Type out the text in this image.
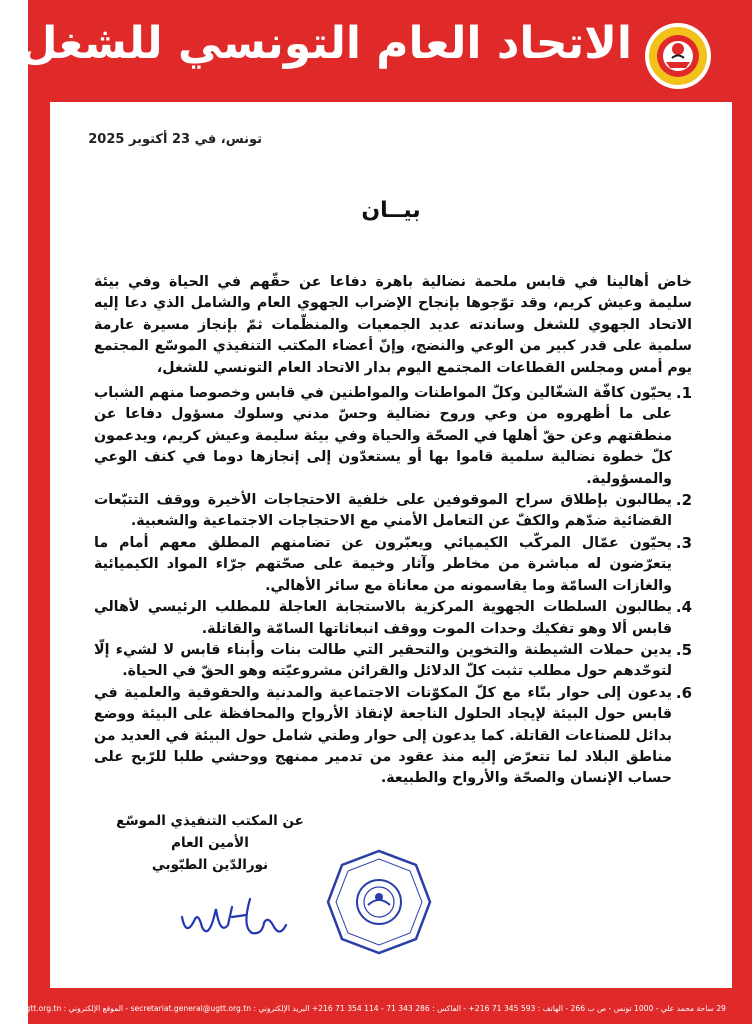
29 ساحة محمد علي - 1000 تونس - ص ب 266 - الهاتف : 593 345 71 216+ - الفاكس : 286 343 71 - 114 354 71 216+ البريد الإلكتروني : secretariat.general@ugtt.org.tn - الموقع الإلكتروني : www.ugtt.org.tn
الاتحاد العام التونسي للشغل
تونس، في 23 أكتوبر 2025
بيــان

خاض أهالينا في قابس ملحمة نضالية باهرة دفاعا عن حقّهم في الحياة وفي بيئة سليمة وعيش كريم، وقد توّجوها بإنجاح الإضراب الجهوي العام والشامل الذي دعا إليه الاتحاد الجهوي للشغل وساندته عديد الجمعيات والمنظّمات ثمّ بإنجاز مسيرة عارمة سلمية على قدر كبير من الوعي والنضج، وإنّ أعضاء المكتب التنفيذي الموسّع المجتمع يوم أمس ومجلس القطاعات المجتمع اليوم بدار الاتحاد العام التونسي للشغل،

1.
يحيّون كافّة الشغّالين وكلّ المواطنات والمواطنين في قابس وخصوصا منهم الشباب على ما أظهروه من وعي وروح نضالية وحسّ مدني وسلوك مسؤول دفاعا عن منطقتهم وعن حقّ أهلها في الصحّة والحياة وفي بيئة سليمة وعيش كريم، ويدعمون كلّ خطوة نضالية سلمية قاموا بها أو يستعدّون إلى إنجازها دوما في كنف الوعي والمسؤولية.
2.
يطالبون بإطلاق سراح الموقوفين على خلفية الاحتجاجات الأخيرة ووقف التتبّعات القضائية ضدّهم والكفّ عن التعامل الأمني مع الاحتجاجات الاجتماعية والشعبية.
3.
يحيّون عمّال المركّب الكيميائي ويعبّرون عن تضامنهم المطلق معهم أمام ما يتعرّضون له مباشرة من مخاطر وآثار وخيمة على صحّتهم جرّاء المواد الكيميائية والغازات السامّة وما يقاسمونه من معاناة مع سائر الأهالي.
4.
يطالبون السلطات الجهوية المركزية بالاستجابة العاجلة للمطلب الرئيسي لأهالي قابس ألا وهو تفكيك وحدات الموت ووقف انبعاثاتها السامّة والقاتلة.
5.
يدين حملات الشيطنة والتخوين والتحقير التي طالت بنات وأبناء قابس لا لشيء إلّا لتوحّدهم حول مطلب تثبت كلّ الدلائل والقرائن مشروعيّته وهو الحقّ في الحياة.
6.
يدعون إلى حوار بنّاء مع كلّ المكوّنات الاجتماعية والمدنية والحقوقية والعلمية في قابس حول البيئة لإيجاد الحلول الناجعة لإنقاذ الأرواح والمحافظة على البيئة ووضع بدائل للصناعات القاتلة. كما يدعون إلى حوار وطني شامل حول البيئة في العديد من مناطق البلاد لما تتعرّض إليه منذ عقود من تدمير ممنهج ووحشي طلبا للرّبح على حساب الإنسان والصحّة والأرواح والطبيعة.
عن المكتب التنفيذي الموسّع
الأمين العام
نورالدّين الطبّوبي
